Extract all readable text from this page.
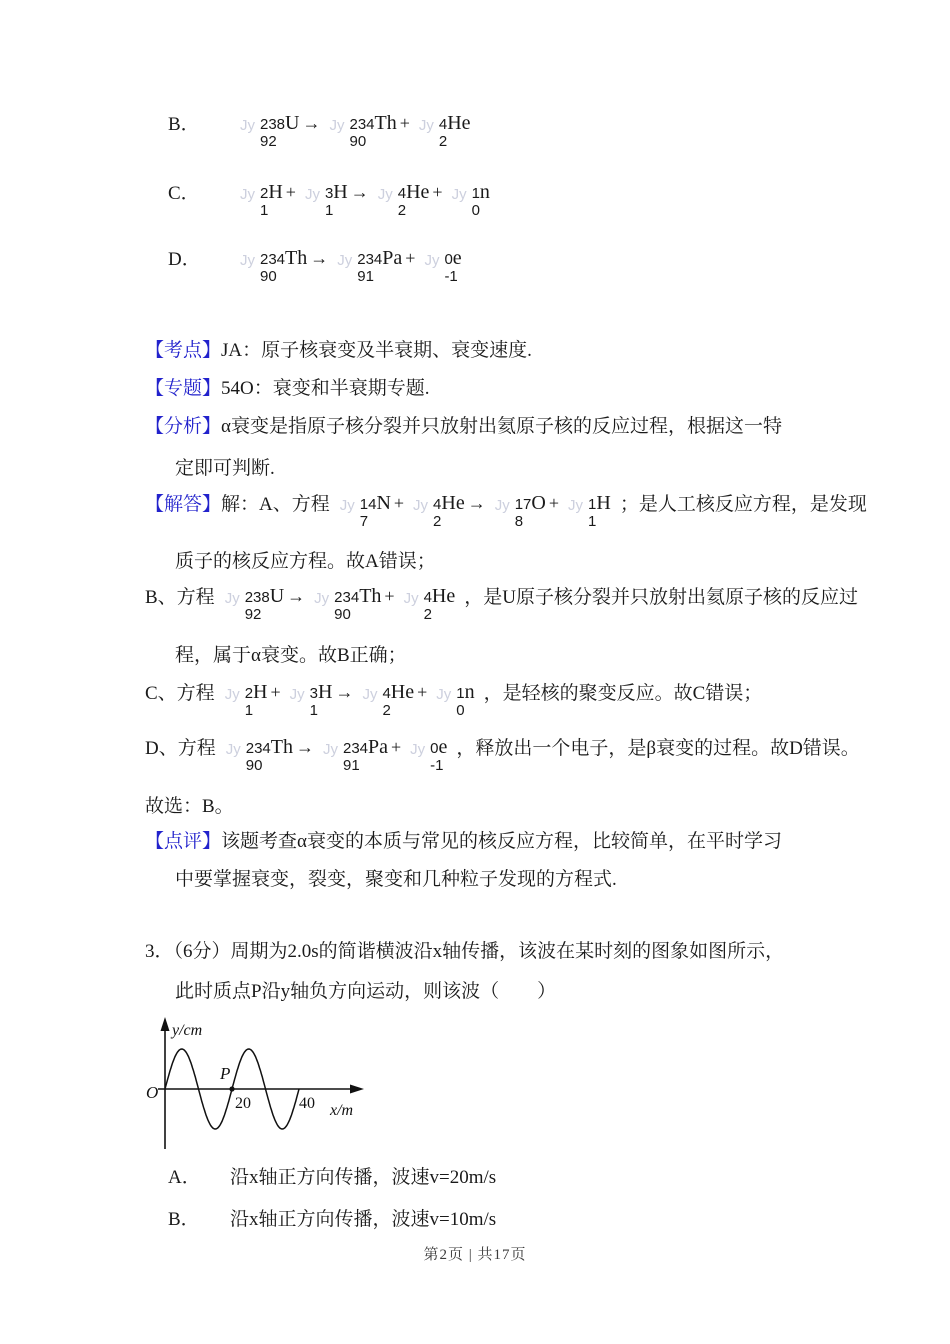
B．	Jy 238 U →
92
Jy 234 Th +
90
Jy 4 He
2
C．	Jy 2 H +
1
Jy 3 H →
1
Jy 4 He +
2
Jy 1 n
0
D．	Jy 234 Th →
90
Jy 234 Pa +
91
Jy 0 e
-1
【考点】JA：原子核衰变及半衰期、衰变速度.
【专题】54O：衰变和半衰期专题.
【分析】α衰变是指原子核分裂并只放射出氦原子核的反应过程，根据这一特
定即可判断.
【解答】解：A、方程 Jy 14 N +
7
Jy 4 He →
2
Jy 17 O +
8
Jy 1 H
1
；是人工核反应方程，是发现
质子的核反应方程。故A错误；
B、方程 Jy 238 U →
92
Jy 234 Th +
90
Jy 4 He
2
，是U原子核分裂并只放射出氦原子核的反应过
程，属于α衰变。故B正确；
C、方程 Jy 2 H +
1
Jy 3 H →
1
Jy 4 He +
2
Jy 1 n
0
，是轻核的聚变反应。故C错误；
D、方程 Jy 234 Th →
90
Jy 234 Pa +
91
Jy 0 e
-1
，释放出一个电子，是β衰变的过程。故D错误。
故选：B。
【点评】该题考查α衰变的本质与常见的核反应方程，比较简单，在平时学习
中要掌握衰变，裂变，聚变和几种粒子发现的方程式.
3．（6分）周期为2.0s的简谐横波沿x轴传播，该波在某时刻的图象如图所示，
此时质点P沿y轴负方向运动，则该波（　　）
y/cm
O
P
20	40 x/m
A． 沿x轴正方向传播，波速v=20m/s
B． 沿x轴正方向传播，波速v=10m/s
第2页 | 共17页
